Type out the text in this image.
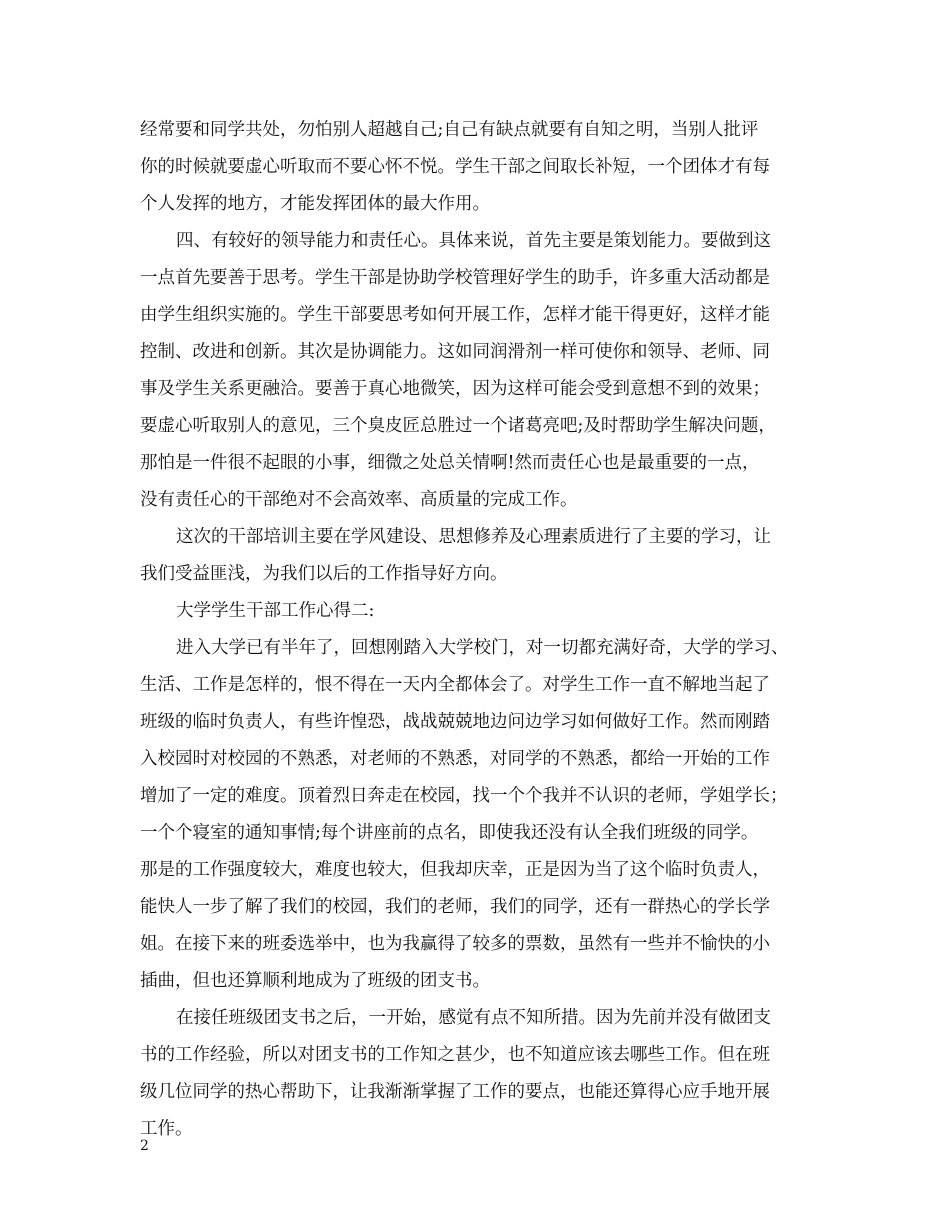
经常要和同学共处，勿怕别人超越自己;自己有缺点就要有自知之明，当别人批评
你的时候就要虚心听取而不要心怀不悦。学生干部之间取长补短，一个团体才有每
个人发挥的地方，才能发挥团体的最大作用。
四、有较好的领导能力和责任心。具体来说，首先主要是策划能力。要做到这
一点首先要善于思考。学生干部是协助学校管理好学生的助手，许多重大活动都是
由学生组织实施的。学生干部要思考如何开展工作，怎样才能干得更好，这样才能
控制、改进和创新。其次是协调能力。这如同润滑剂一样可使你和领导、老师、同
事及学生关系更融洽。要善于真心地微笑，因为这样可能会受到意想不到的效果；
要虚心听取别人的意见，三个臭皮匠总胜过一个诸葛亮吧;及时帮助学生解决问题，
那怕是一件很不起眼的小事，细微之处总关情啊!然而责任心也是最重要的一点，
没有责任心的干部绝对不会高效率、高质量的完成工作。
这次的干部培训主要在学风建设、思想修养及心理素质进行了主要的学习，让
我们受益匪浅，为我们以后的工作指导好方向。
大学学生干部工作心得二:
进入大学已有半年了，回想刚踏入大学校门，对一切都充满好奇，大学的学习、
生活、工作是怎样的，恨不得在一天内全都体会了。对学生工作一直不解地当起了
班级的临时负责人，有些许惶恐，战战兢兢地边问边学习如何做好工作。然而刚踏
入校园时对校园的不熟悉，对老师的不熟悉，对同学的不熟悉，都给一开始的工作
增加了一定的难度。顶着烈日奔走在校园，找一个个我并不认识的老师，学姐学长；
一个个寝室的通知事情;每个讲座前的点名，即使我还没有认全我们班级的同学。
那是的工作强度较大，难度也较大，但我却庆幸，正是因为当了这个临时负责人，
能快人一步了解了我们的校园，我们的老师，我们的同学，还有一群热心的学长学
姐。在接下来的班委选举中，也为我赢得了较多的票数，虽然有一些并不愉快的小
插曲，但也还算顺利地成为了班级的团支书。
在接任班级团支书之后，一开始，感觉有点不知所措。因为先前并没有做团支
书的工作经验，所以对团支书的工作知之甚少，也不知道应该去哪些工作。但在班
级几位同学的热心帮助下，让我渐渐掌握了工作的要点，也能还算得心应手地开展
工作。
2
